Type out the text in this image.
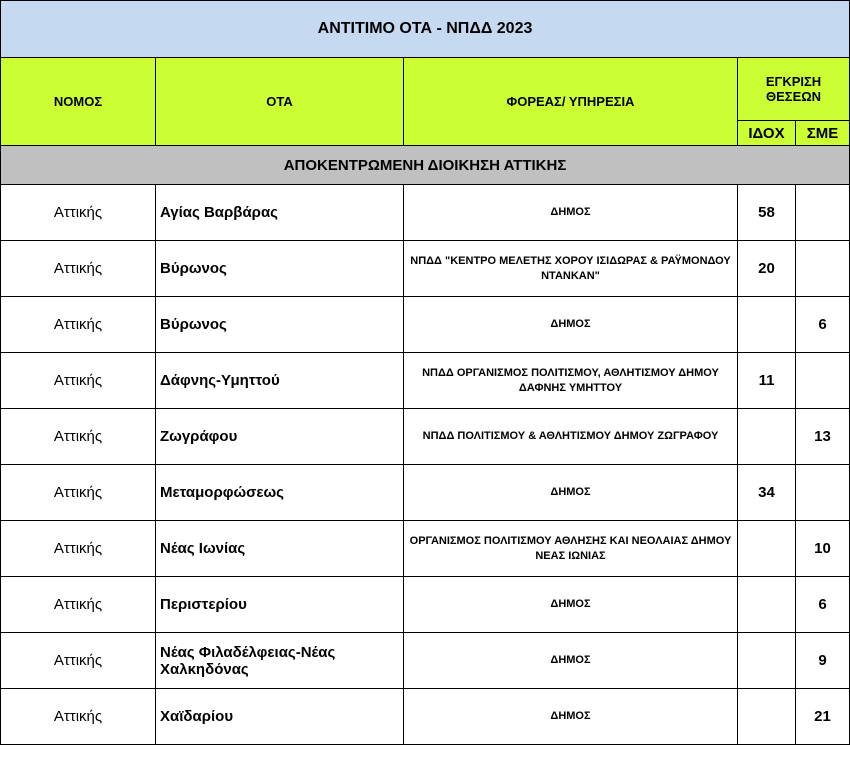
ΑΝΤΙΤΙΜΟ ΟΤΑ - ΝΠΔΔ 2023				
ΝΟΜΟΣ	ΟΤΑ	ΦΟΡΕΑΣ/ ΥΠΗΡΕΣΙΑ	ΕΓΚΡΙΣΗ ΘΕΣΕΩΝ	
			ΙΔΟΧ	ΣΜΕ
ΑΠΟΚΕΝΤΡΩΜΕΝΗ ΔΙΟΙΚΗΣΗ ΑΤΤΙΚΗΣ				
Αττικής	Αγίας Βαρβάρας	ΔΗΜΟΣ	58	
Αττικής	Βύρωνος	ΝΠΔΔ "ΚΕΝΤΡΟ ΜΕΛΕΤΗΣ ΧΟΡΟΥ ΙΣΙΔΩΡΑΣ & ΡΑΫΜΟΝΔΟΥ ΝΤΑΝΚΑΝ"	20	
Αττικής	Βύρωνος	ΔΗΜΟΣ		6
Αττικής	Δάφνης-Υμηττού	ΝΠΔΔ ΟΡΓΑΝΙΣΜΟΣ ΠΟΛΙΤΙΣΜΟΥ, ΑΘΛΗΤΙΣΜΟΥ ΔΗΜΟΥ ΔΑΦΝΗΣ ΥΜΗΤΤΟΥ	11	
Αττικής	Ζωγράφου	ΝΠΔΔ ΠΟΛΙΤΙΣΜΟΥ & ΑΘΛΗΤΙΣΜΟΥ ΔΗΜΟΥ ΖΩΓΡΑΦΟΥ		13
Αττικής	Μεταμορφώσεως	ΔΗΜΟΣ	34	
Αττικής	Νέας Ιωνίας	ΟΡΓΑΝΙΣΜΟΣ ΠΟΛΙΤΙΣΜΟΥ ΑΘΛΗΣΗΣ ΚΑΙ ΝΕΟΛΑΙΑΣ ΔΗΜΟΥ ΝΕΑΣ ΙΩΝΙΑΣ		10
Αττικής	Περιστερίου	ΔΗΜΟΣ		6
Αττικής	Νέας Φιλαδέλφειας-Νέας Χαλκηδόνας	ΔΗΜΟΣ		9
Αττικής	Χαϊδαρίου	ΔΗΜΟΣ		21
